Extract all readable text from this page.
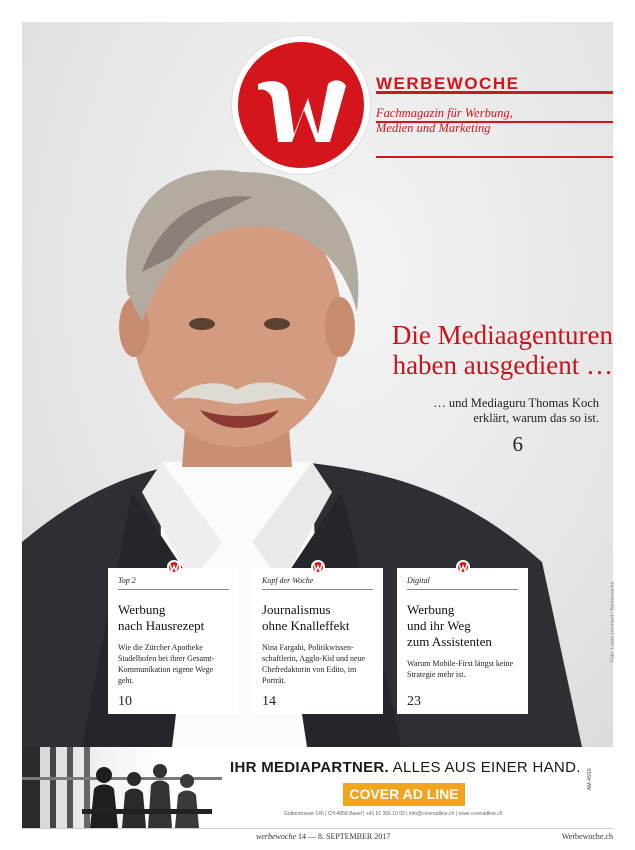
Foto: Lukas Lienhard / Werbewoche
WERBEWOCHE
Fachmagazin für Werbung,
Medien und Marketing
Die Mediaagenturen
haben ausgedient …
… und Mediaguru Thomas Koch
erklärt, warum das so ist.
6
Top 2
Werbung
nach Hausrezept
Wie die Zürcher Apotheke Stadelhofen bei ihrer Gesamt-Kommunikation eigene Wege geht.
10
Kopf der Woche
Journalismus
ohne Knalleffekt
Nina Fargahi, Politikwissen-schaftlerin, Agglo-Kid und neue Chefredaktorin von Edito, im Porträt.
14
Digital
Werbung
und ihr Weg
zum Assistenten
Warum Mobile-First längst keine Strategie mehr ist.
23
IHR MEDIAPARTNER. ALLES AUS EINER HAND.
COVER AD LINE
Gütterstrasse 145 | CH-4058 Basel | +41 61 366 10 00 | info@coveradline.ch | www.coveradline.ch
AM-45/19
werbewoche 14 — 8. SEPTEMBER 2017	Werbewoche.ch
